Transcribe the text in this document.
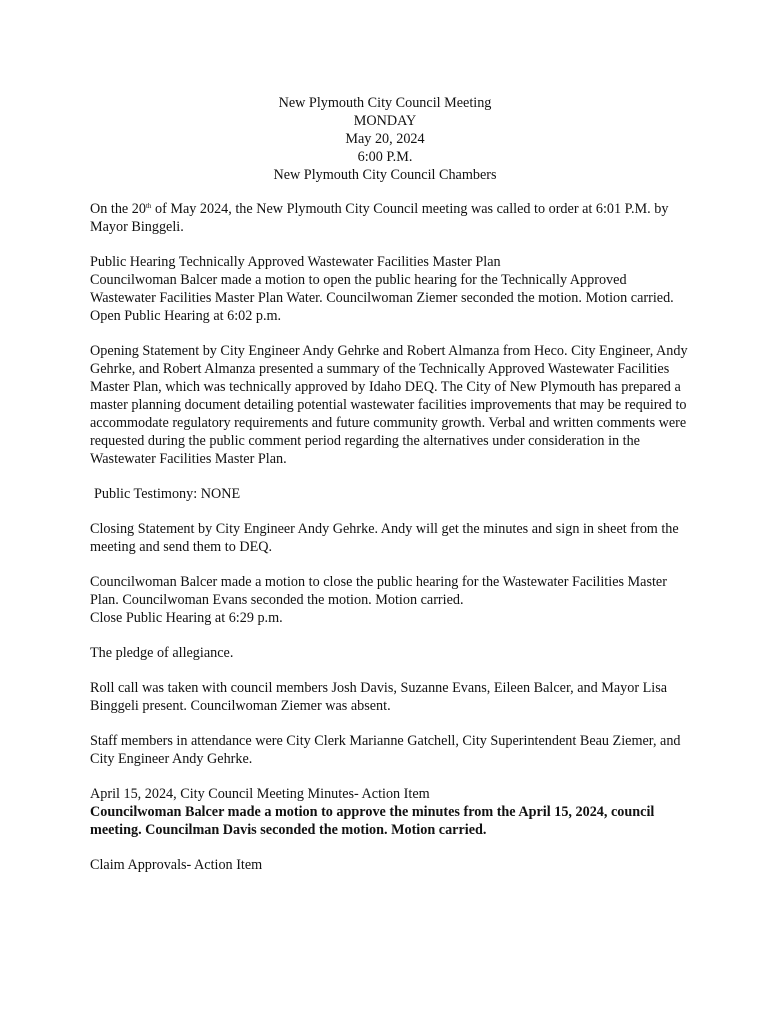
New Plymouth City Council Meeting
MONDAY
May 20, 2024
6:00 P.M.
New Plymouth City Council Chambers
On the 20th of May 2024, the New Plymouth City Council meeting was called to order at 6:01 P.M. by Mayor Binggeli.
Public Hearing Technically Approved Wastewater Facilities Master Plan
Councilwoman Balcer made a motion to open the public hearing for the Technically Approved Wastewater Facilities Master Plan Water. Councilwoman Ziemer seconded the motion. Motion carried.
Open Public Hearing at 6:02 p.m.
Opening Statement by City Engineer Andy Gehrke and Robert Almanza from Heco. City Engineer, Andy Gehrke, and Robert Almanza presented a summary of the Technically Approved Wastewater Facilities Master Plan, which was technically approved by Idaho DEQ. The City of New Plymouth has prepared a master planning document detailing potential wastewater facilities improvements that may be required to accommodate regulatory requirements and future community growth. Verbal and written comments were requested during the public comment period regarding the alternatives under consideration in the Wastewater Facilities Master Plan.
Public Testimony: NONE
Closing Statement by City Engineer Andy Gehrke. Andy will get the minutes and sign in sheet from the meeting and send them to DEQ.
Councilwoman Balcer made a motion to close the public hearing for the Wastewater Facilities Master Plan. Councilwoman Evans seconded the motion. Motion carried.
Close Public Hearing at 6:29 p.m.
The pledge of allegiance.
Roll call was taken with council members Josh Davis, Suzanne Evans, Eileen Balcer, and Mayor Lisa Binggeli present. Councilwoman Ziemer was absent.
Staff members in attendance were City Clerk Marianne Gatchell, City Superintendent Beau Ziemer, and City Engineer Andy Gehrke.
April 15, 2024, City Council Meeting Minutes- Action Item
Councilwoman Balcer made a motion to approve the minutes from the April 15, 2024, council meeting. Councilman Davis seconded the motion. Motion carried.
Claim Approvals- Action Item
